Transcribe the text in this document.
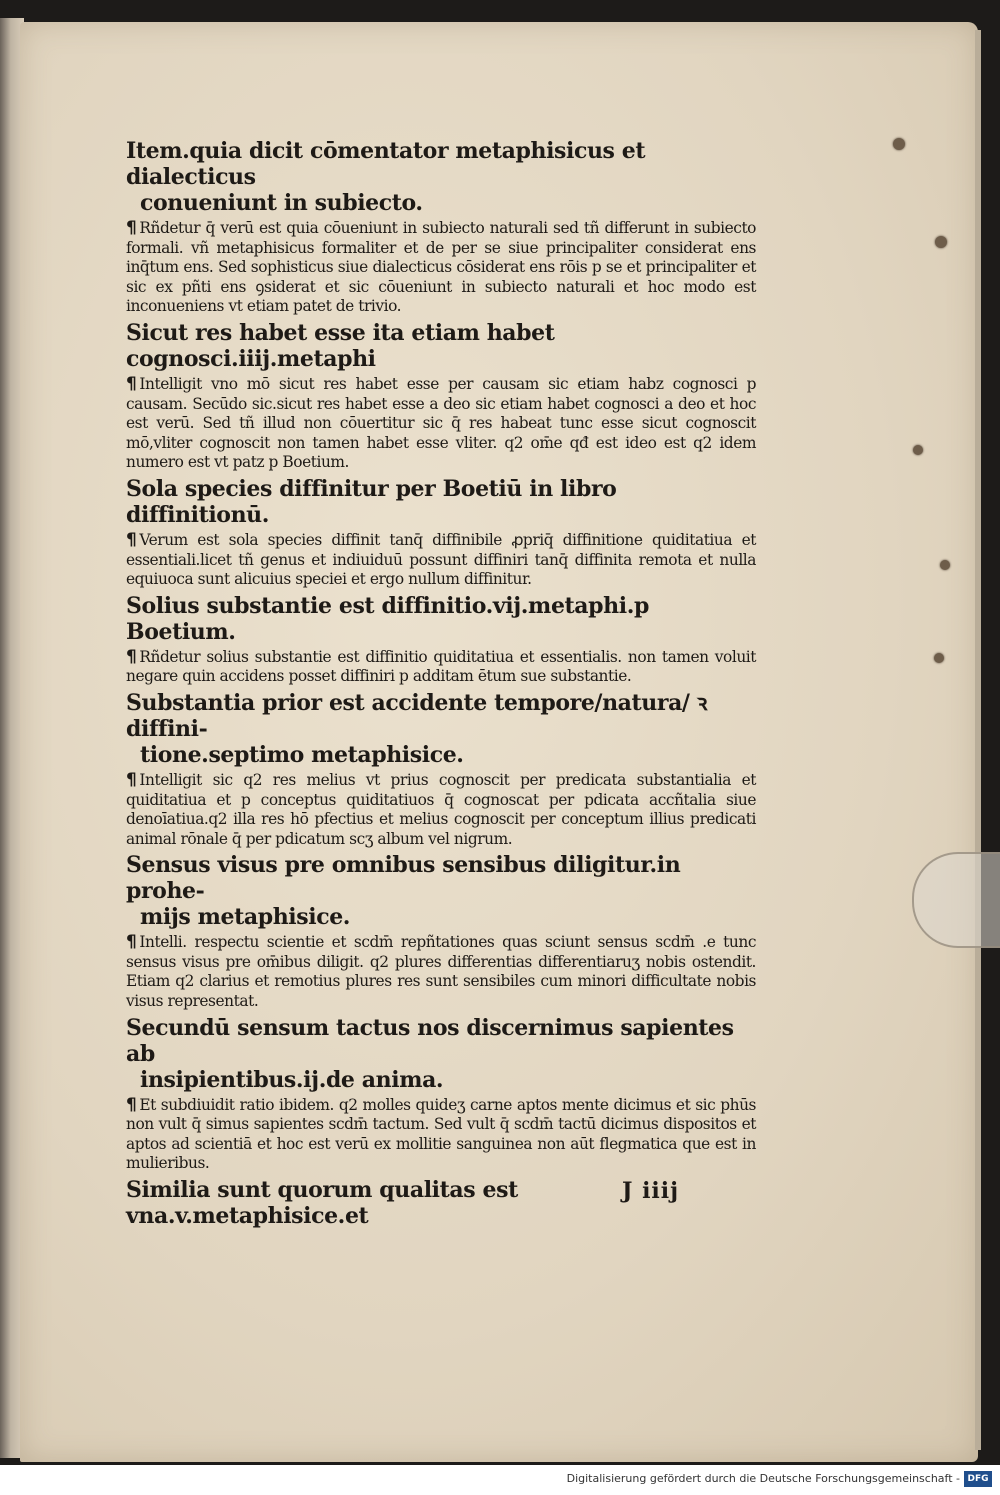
Item.quia dicit cōmentator metaphisicus et dialecticus

conueniunt in subiecto.
¶ Rñdetur q̄ verū est quia cōueniunt in subiecto naturali sed tñ differunt in subiecto formali. vñ metaphisicus formaliter et de per se siue principaliter considerat ens inq̄tum ens. Sed sophisticus siue dialecticus cōsiderat ens rōis p se et principaliter et sic ex pñti ens ꝯsiderat et sic cōueniunt in subiecto naturali et hoc modo est inconueniens vt etiam patet de trivio.
Sicut res habet esse ita etiam habet cognosci.iiij.metaphi
¶ Intelligit vno mō sicut res habet esse per causam sic etiam habz cognosci p causam. Secūdo sic.sicut res habet esse a deo sic etiam habet cognosci a deo et hoc est verū. Sed tñ illud non cōuertitur sic q̄ res habeat tunc esse sicut cognoscit mō,vliter cognoscit non tamen habet esse vliter. q2 om̄e qđ est ideo est q2 idem numero est vt patz p Boetium.
Sola species diffinitur per Boetiū in libro diffinitionū.
¶ Verum est sola species diffinit tanq̄ diffinibile ꝓpriq̄ diffinitione quiditatiua et essentiali.licet tñ genus et indiuiduū possunt diffiniri tanq̄ diffinita remota et nulla equiuoca sunt alicuius speciei et ergo nullum diffinitur.
Solius substantie est diffinitio.vij.metaphi.p Boetium.
¶ Rñdetur solius substantie est diffinitio quiditatiua et essentialis. non tamen voluit negare quin accidens posset diffiniri p additam ētum sue substantie.
Substantia prior est accidente tempore/natura/ ꝛ diffini-

tione.septimo metaphisice.
¶ Intelligit sic q2 res melius vt prius cognoscit per predicata substantialia et quiditatiua et p conceptus quiditatiuos q̄ cognoscat per pdicata accñtalia siue denoīatiua.q2 illa res hō pfectius et melius cognoscit per conceptum illius predicati animal rōnale q̄ per pdicatum scʒ album vel nigrum.
Sensus visus pre omnibus sensibus diligitur.in prohe-

mijs metaphisice.
¶ Intelli. respectu scientie et scdm̄ repñtationes quas sciunt sensus scdm̄ .e tunc sensus visus pre om̄ibus diligit. q2 plures differentias differentiaruʒ nobis ostendit. Etiam q2 clarius et remotius plures res sunt sensibiles cum minori difficultate nobis visus representat.
Secundū sensum tactus nos discernimus sapientes ab

insipientibus.ij.de anima.
¶ Et subdiuidit ratio ibidem. q2 molles quideʒ carne aptos mente dicimus et sic phūs non vult q̄ simus sapientes scdm̄ tactum. Sed vult q̄ scdm̄ tactū dicimus dispositos et aptos ad scientiā et hoc est verū ex mollitie sanguinea non aūt flegmatica que est in mulieribus.
Similia sunt quorum qualitas est vna.v.metaphisice.et
J iiij
Digitalisierung gefördert durch die Deutsche Forschungsgemeinschaft - DFG
